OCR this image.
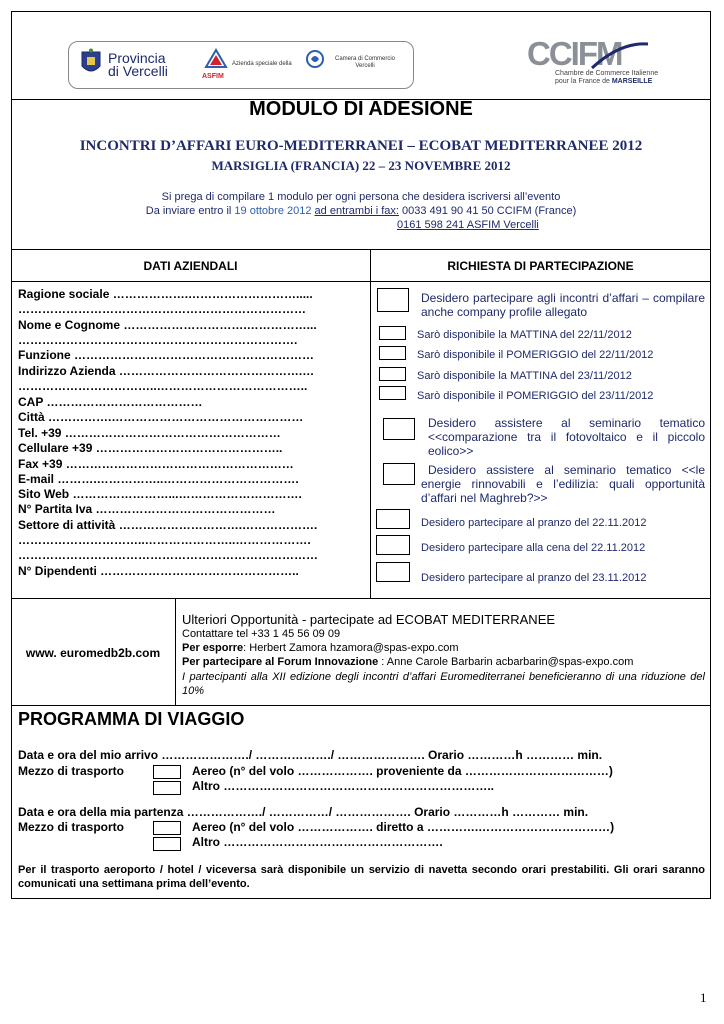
Provincia
di Vercelli	ASFIM
Azienda speciale della
Camera di Commercio
Vercelli	CCIFM
Chambre de Commerce Italienne
pour la France de MARSEILLE
MODULO DI ADESIONE
INCONTRI D’AFFARI EURO-MEDITERRANEI – ECOBAT MEDITERRANEE 2012
MARSIGLIA (FRANCIA) 22 – 23 NOVEMBRE 2012
Si prega di compilare 1 modulo per ogni persona che desidera iscriversi all’evento
Da inviare entro il 19 ottobre 2012 ad entrambi i fax: 0033 491 90 41 50 CCIFM (France)
0161 598 241 ASFIM Vercelli
DATI AZIENDALI	RICHIESTA DI PARTECIPAZIONE
Ragione sociale ……………….……………………….....
………………………………………………………………
Nome e Cognome ………………………….……………...
…………………………………………………………….
Funzione ……………………………………………………
Indirizzo Azienda ……………………………………….…
……………………………..………………………………..
CAP …………………………………
Città …………….…………………………………………
Tel. +39 ………………………………………………
Cellulare +39 ………………………………………..
Fax +39 …………………………………………………
E-mail ……….……………..…………………………….
Sito Web ……………………...………………………….
N° Partita Iva ………………………………………
Settore di attività ………………………….……………….
…………………………..…………………..……………….
…………………………………………………………………
N° Dipendenti …………………………………………..
Desidero partecipare agli incontri d’affari – compilare anche company profile allegato
Sarò disponibile la MATTINA del 22/11/2012
Sarò disponibile il POMERIGGIO del 22/11/2012
Sarò disponibile la MATTINA del 23/11/2012
Sarò disponibile il POMERIGGIO del 23/11/2012
Desidero assistere al seminario tematico <<comparazione tra il fotovoltaico e il piccolo eolico>>
Desidero assistere al seminario tematico <<le energie rinnovabili e l’edilizia: quali opportunità d’affari nel Maghreb?>>
Desidero partecipare al pranzo del 22.11.2012
Desidero partecipare alla cena del 22.11.2012
Desidero partecipare al pranzo del 23.11.2012
www. euromedb2b.com
Ulteriori Opportunità - partecipate ad ECOBAT MEDITERRANEE
Contattare tel +33 1 45 56 09 09
Per esporre: Herbert Zamora hzamora@spas-expo.com
Per partecipare al Forum Innovazione : Anne Carole Barbarin acbarbarin@spas-expo.com
I partecipanti alla XII edizione degli incontri d’affari Euromediterranei beneficieranno di una riduzione del 10%
PROGRAMMA DI VIAGGIO
Data e ora del mio arrivo …………………./ ………………./ …………………. Orario …………h ………… min.
Mezzo di trasporto	Aereo (n° del volo ………………. proveniente da ………………………………)
Altro …………………………………………………………..
Data e ora della mia partenza ………………./ ……………/ ………………. Orario …………h ………… min.
Mezzo di trasporto	Aereo (n° del volo ………………. diretto a ………….……………………………)
Altro ……………………………………………….
Per il trasporto aeroporto / hotel / viceversa sarà disponibile un servizio di navetta secondo orari prestabiliti. Gli orari saranno comunicati una settimana prima dell’evento.
1
